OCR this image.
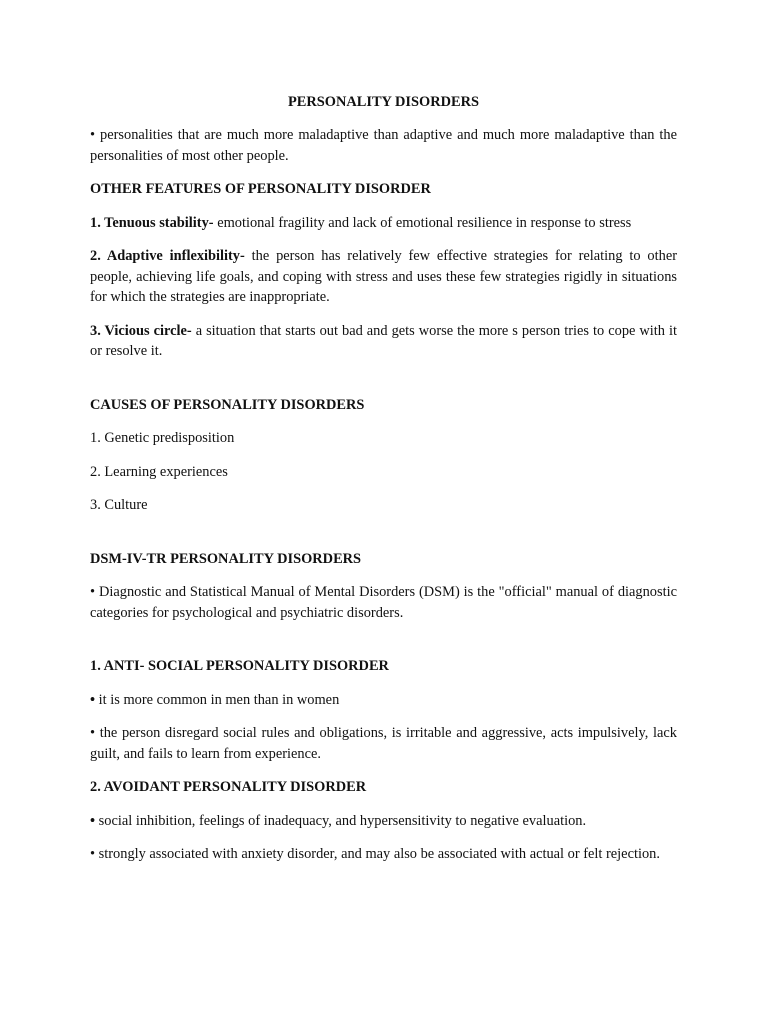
PERSONALITY DISORDERS

• personalities that are much more maladaptive than adaptive and much more maladaptive than the personalities of most other people.

OTHER FEATURES OF PERSONALITY DISORDER

1. Tenuous stability- emotional fragility and lack of emotional resilience in response to stress

2. Adaptive inflexibility- the person has relatively few effective strategies for relating to other people, achieving life goals, and coping with stress and uses these few strategies rigidly in situations for which the strategies are inappropriate.

3. Vicious circle- a situation that starts out bad and gets worse the more s person tries to cope with it or resolve it.

CAUSES OF PERSONALITY DISORDERS

1. Genetic predisposition

2. Learning experiences

3. Culture

DSM-IV-TR PERSONALITY DISORDERS

• Diagnostic and Statistical Manual of Mental Disorders (DSM) is the "official" manual of diagnostic categories for psychological and psychiatric disorders.

1. ANTI- SOCIAL PERSONALITY DISORDER

• it is more common in men than in women

• the person disregard social rules and obligations, is irritable and aggressive, acts impulsively, lack guilt, and fails to learn from experience.

2. AVOIDANT PERSONALITY DISORDER

• social inhibition, feelings of inadequacy, and hypersensitivity to negative evaluation.

• strongly associated with anxiety disorder, and may also be associated with actual or felt rejection.
